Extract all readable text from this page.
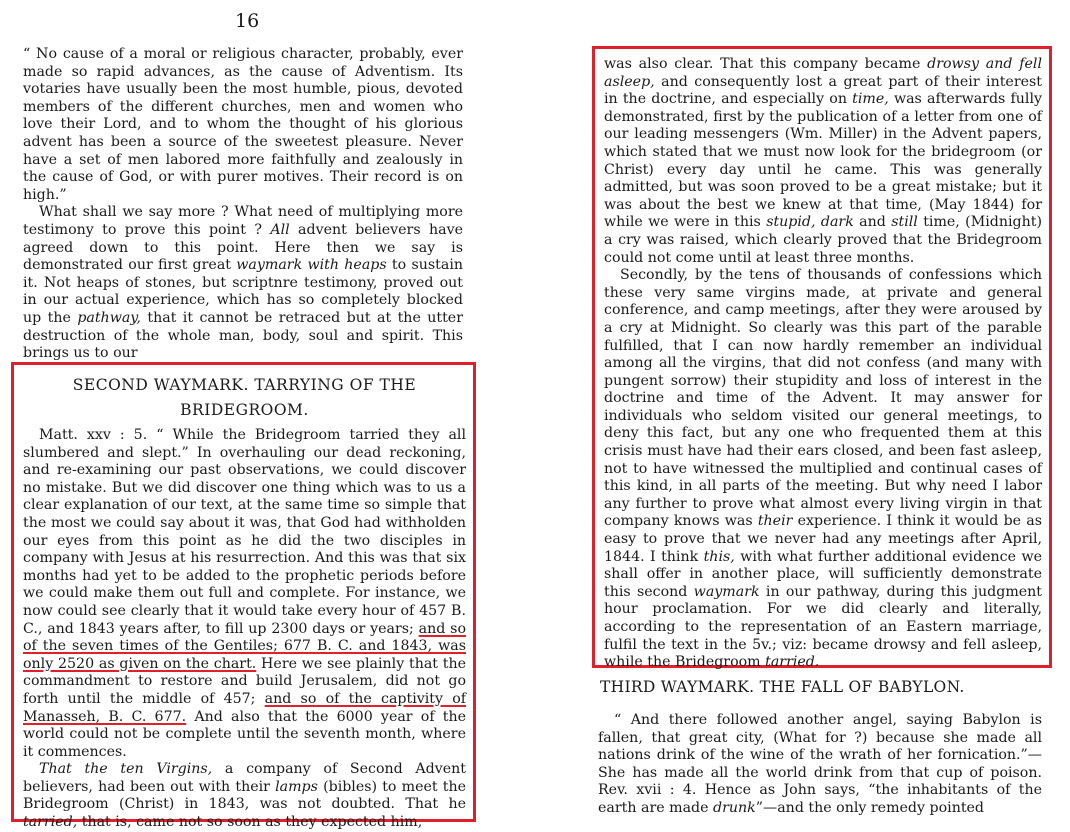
16

“ No cause of a moral or religious character, probably, ever made so rapid advances, as the cause of Adventism. Its votaries have usually been the most humble, pious, devoted members of the different churches, men and women who love their Lord, and to whom the thought of his glorious advent has been a source of the sweetest pleasure. Never have a set of men labored more faithfully and zealously in the cause of God, or with purer motives. Their record is on high.”

What shall we say more ? What need of multiplying more testimony to prove this point ? All advent believers have agreed down to this point. Here then we say is demonstrated our first great waymark with heaps to sustain it. Not heaps of stones, but scriptnre testimony, proved out in our actual experience, which has so completely blocked up the pathway, that it cannot be retraced but at the utter destruction of the whole man, body, soul and spirit. This brings us to our

SECOND WAYMARK. TARRYING OF THE BRIDEGROOM.

Matt. xxv : 5. “ While the Bridegroom tarried they all slumbered and slept.” In overhauling our dead reckoning, and re-examining our past observations, we could discover no mistake. But we did discover one thing which was to us a clear explanation of our text, at the same time so simple that the most we could say about it was, that God had withholden our eyes from this point as he did the two disciples in company with Jesus at his resurrection. And this was that six months had yet to be added to the prophetic periods before we could make them out full and complete. For instance, we now could see clearly that it would take every hour of 457 B. C., and 1843 years after, to fill up 2300 days or years; and so of the seven times of the Gentiles; 677 B. C. and 1843, was only 2520 as given on the chart. Here we see plainly that the commandment to restore and build Jerusalem, did not go forth until the middle of 457; and so of the captivity of Manasseh, B. C. 677. And also that the 6000 year of the world could not be complete until the seventh month, where it commences.

That the ten Virgins, a company of Second Advent believers, had been out with their lamps (bibles) to meet the Bridegroom (Christ) in 1843, was not doubted. That he tarried, that is, came not so soon as they expected him,

was also clear. That this company became drowsy and fell asleep, and consequently lost a great part of their interest in the doctrine, and especially on time, was afterwards fully demonstrated, first by the publication of a letter from one of our leading messengers (Wm. Miller) in the Advent papers, which stated that we must now look for the bridegroom (or Christ) every day until he came. This was generally admitted, but was soon proved to be a great mistake; but it was about the best we knew at that time, (May 1844) for while we were in this stupid, dark and still time, (Midnight) a cry was raised, which clearly proved that the Bridegroom could not come until at least three months.

Secondly, by the tens of thousands of confessions which these very same virgins made, at private and general conference, and camp meetings, after they were aroused by a cry at Midnight. So clearly was this part of the parable fulfilled, that I can now hardly remember an individual among all the virgins, that did not confess (and many with pungent sorrow) their stupidity and loss of interest in the doctrine and time of the Advent. It may answer for individuals who seldom visited our general meetings, to deny this fact, but any one who frequented them at this crisis must have had their ears closed, and been fast asleep, not to have witnessed the multiplied and continual cases of this kind, in all parts of the meeting. But why need I labor any further to prove what almost every living virgin in that company knows was their experience. I think it would be as easy to prove that we never had any meetings after April, 1844. I think this, with what further additional evidence we shall offer in another place, will sufficiently demonstrate this second waymark in our pathway, during this judgment hour proclamation. For we did clearly and literally, according to the representation of an Eastern marriage, fulfil the text in the 5v.; viz: became drowsy and fell asleep, while the Bridegroom tarried.

THIRD WAYMARK. THE FALL OF BABYLON.

“ And there followed another angel, saying Babylon is fallen, that great city, (What for ?) because she made all nations drink of the wine of the wrath of her fornication.”— She has made all the world drink from that cup of poison. Rev. xvii : 4. Hence as John says, “the inhabitants of the earth are made drunk”—and the only remedy pointed
